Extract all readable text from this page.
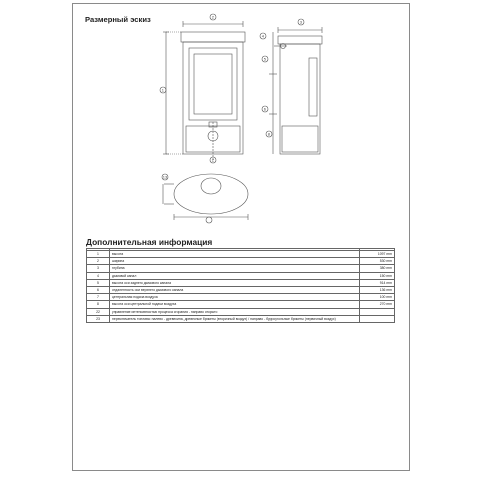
Размерный эскиз	2
3
1
4
5
6
8
7
13
Дополнительная информация

1	высота	1097 mm
2	ширина	530 mm
3	глубина	380 mm
4	дымовой канал	150 mm
5	высота оси заднего дымового канала	914 mm
6	отдаленность оси верхнего дымового канала	136 mm
7	центральная подача воздуха	100 mm
8	высота оси центральной подачи воздуха	270 mm
22	управление интенсивностью процесса сгорания - направо открыто	
23	переключатель топлива: налево - древесина, древесные брикеты (вторичный воздух) / направо - бурроугольные брикеты (первичный воздух)	
